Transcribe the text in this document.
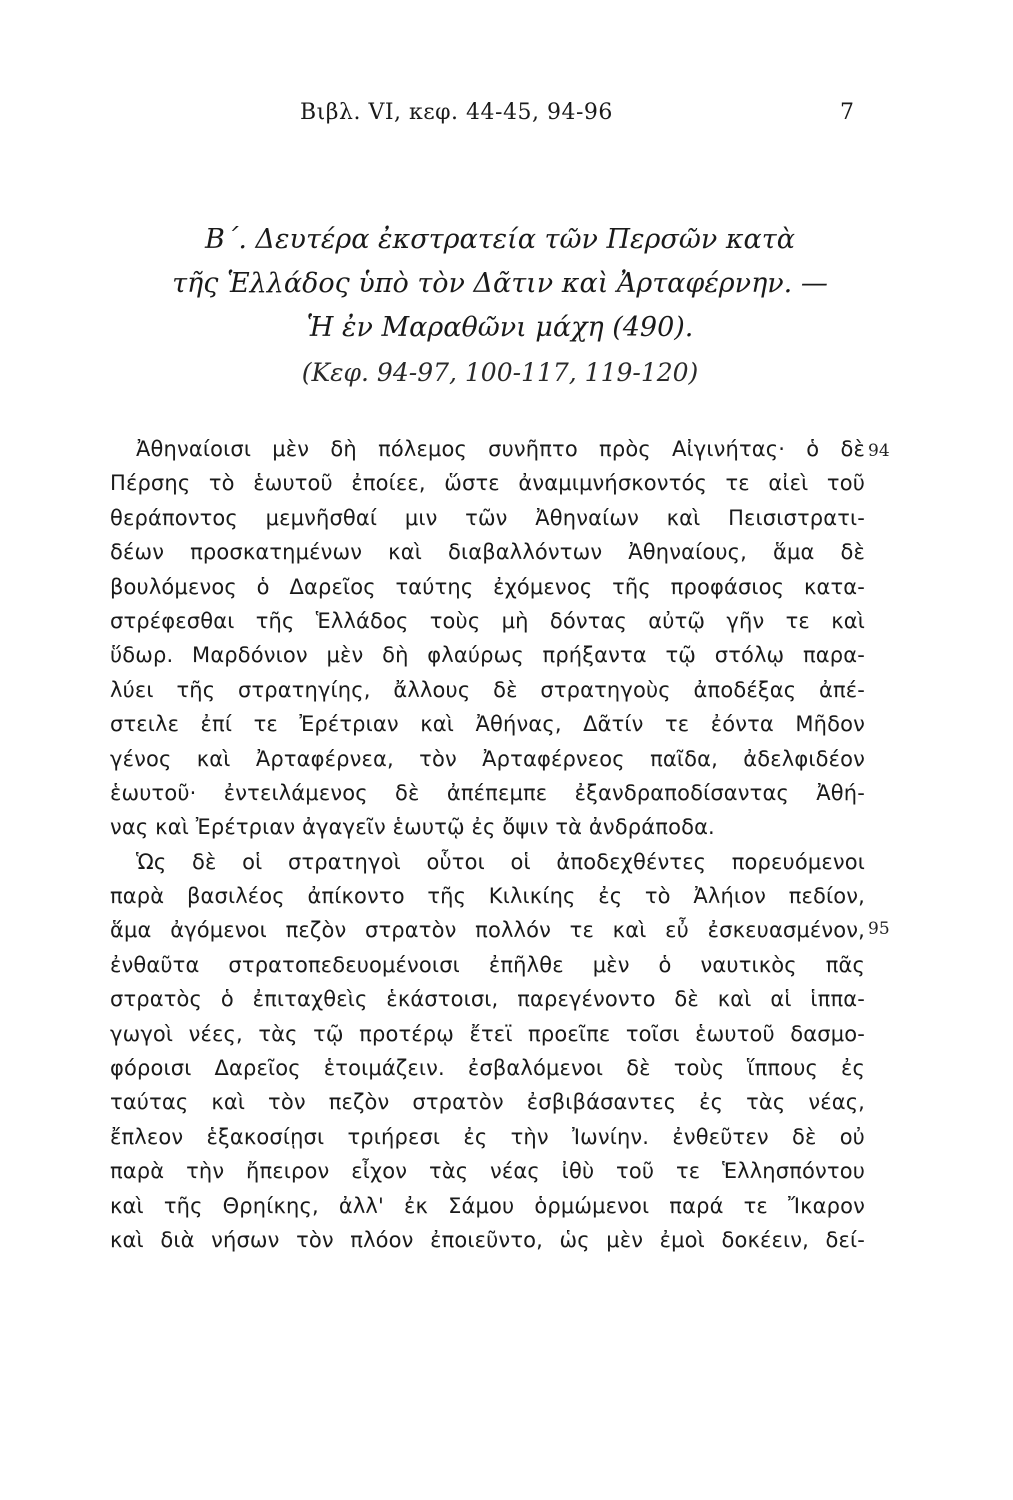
Βιβλ. VI, κεφ. 44-45, 94-96	7
Β΄. Δευτέρα ἐκστρατεία τῶν Περσῶν κατὰ
τῆς Ἑλλάδος ὑπὸ τὸν Δᾶτιν καὶ Ἀρταφέρνην. —
Ἡ ἐν Μαραθῶνι μάχη (490).
(Κεφ. 94-97, 100-117, 119-120)
94
95
Ἀθηναίοισι μὲν δὴ πόλεμος συνῆπτο πρὸς Αἰγινήτας· ὁ δὲ
Πέρσης τὸ ἑωυτοῦ ἐποίεε, ὥστε ἀναμιμνήσκοντός τε αἰεὶ τοῦ
θεράποντος μεμνῆσθαί μιν τῶν Ἀθηναίων καὶ Πεισιστρατι-
δέων προσκατημένων καὶ διαβαλλόντων Ἀθηναίους, ἅμα δὲ
βουλόμενος ὁ Δαρεῖος ταύτης ἐχόμενος τῆς προφάσιος κατα-
στρέφεσθαι τῆς Ἑλλάδος τοὺς μὴ δόντας αὐτῷ γῆν τε καὶ
ὕδωρ. Μαρδόνιον μὲν δὴ φλαύρως πρήξαντα τῷ στόλῳ παρα-
λύει τῆς στρατηγίης, ἄλλους δὲ στρατηγοὺς ἀποδέξας ἀπέ-
στειλε ἐπί τε Ἐρέτριαν καὶ Ἀθήνας, Δᾶτίν τε ἐόντα Μῆδον
γένος καὶ Ἀρταφέρνεα, τὸν Ἀρταφέρνεος παῖδα, ἀδελφιδέον
ἑωυτοῦ· ἐντειλάμενος δὲ ἀπέπεμπε ἐξανδραποδίσαντας Ἀθή-
νας καὶ Ἐρέτριαν ἀγαγεῖν ἑωυτῷ ἐς ὄψιν τὰ ἀνδράποδα.
Ὡς δὲ οἱ στρατηγοὶ οὗτοι οἱ ἀποδεχθέντες πορευόμενοι
παρὰ βασιλέος ἀπίκοντο τῆς Κιλικίης ἐς τὸ Ἀλήιον πεδίον,
ἅμα ἀγόμενοι πεζὸν στρατὸν πολλόν τε καὶ εὖ ἐσκευασμένον,
ἐνθαῦτα στρατοπεδευομένοισι ἐπῆλθε μὲν ὁ ναυτικὸς πᾶς
στρατὸς ὁ ἐπιταχθεὶς ἑκάστοισι, παρεγένοντο δὲ καὶ αἱ ἱππα-
γωγοὶ νέες, τὰς τῷ προτέρῳ ἔτεϊ προεῖπε τοῖσι ἑωυτοῦ δασμο-
φόροισι Δαρεῖος ἑτοιμάζειν. ἐσβαλόμενοι δὲ τοὺς ἵππους ἐς
ταύτας καὶ τὸν πεζὸν στρατὸν ἐσβιβάσαντες ἐς τὰς νέας,
ἔπλεον ἑξακοσίῃσι τριήρεσι ἐς τὴν Ἰωνίην. ἐνθεῦτεν δὲ οὐ
παρὰ τὴν ἤπειρον εἶχον τὰς νέας ἰθὺ τοῦ τε Ἑλλησπόντου
καὶ τῆς Θρηίκης, ἀλλ' ἐκ Σάμου ὁρμώμενοι παρά τε Ἴκαρον
καὶ διὰ νήσων τὸν πλόον ἐποιεῦντο, ὡς μὲν ἐμοὶ δοκέειν, δεί-
